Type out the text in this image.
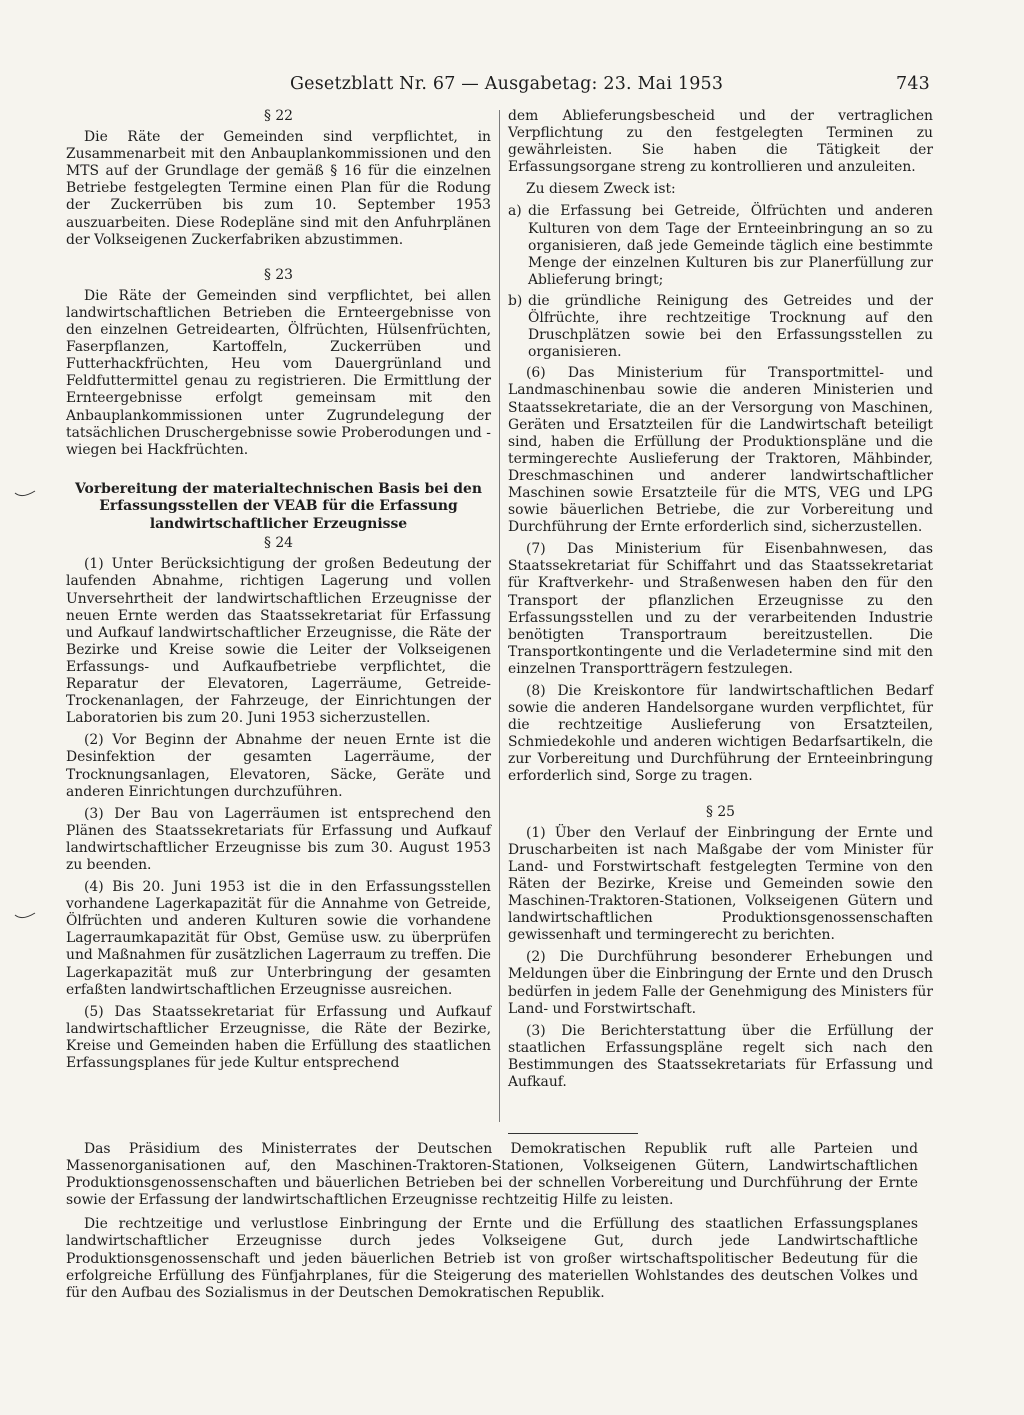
Gesetzblatt Nr. 67 — Ausgabetag: 23. Mai 1953	743
§ 22

Die Räte der Gemeinden sind verpflichtet, in Zusammenarbeit mit den Anbauplankommissionen und den MTS auf der Grundlage der gemäß § 16 für die einzelnen Betriebe festgelegten Termine einen Plan für die Rodung der Zuckerrüben bis zum 10. September 1953 auszuarbeiten. Diese Rodepläne sind mit den Anfuhrplänen der Volkseigenen Zuckerfabriken abzustimmen.

§ 23

Die Räte der Gemeinden sind verpflichtet, bei allen landwirtschaftlichen Betrieben die Ernteergebnisse von den einzelnen Getreidearten, Ölfrüchten, Hülsenfrüchten, Faserpflanzen, Kartoffeln, Zuckerrüben und Futterhackfrüchten, Heu vom Dauergrünland und Feldfuttermittel genau zu registrieren. Die Ermittlung der Ernteergebnisse erfolgt gemeinsam mit den Anbauplankommissionen unter Zugrundelegung der tatsächlichen Druschergebnisse sowie Proberodungen und -wiegen bei Hackfrüchten.

Vorbereitung der materialtechnischen Basis bei den Erfassungsstellen der VEAB für die Erfassung landwirtschaftlicher Erzeugnisse
§ 24

(1) Unter Berücksichtigung der großen Bedeutung der laufenden Abnahme, richtigen Lagerung und vollen Unversehrtheit der landwirtschaftlichen Erzeugnisse der neuen Ernte werden das Staatssekretariat für Erfassung und Aufkauf landwirtschaftlicher Erzeugnisse, die Räte der Bezirke und Kreise sowie die Leiter der Volkseigenen Erfassungs- und Aufkaufbetriebe verpflichtet, die Reparatur der Elevatoren, Lagerräume, Getreide-Trockenanlagen, der Fahrzeuge, der Einrichtungen der Laboratorien bis zum 20. Juni 1953 sicherzustellen.

(2) Vor Beginn der Abnahme der neuen Ernte ist die Desinfektion der gesamten Lagerräume, der Trocknungsanlagen, Elevatoren, Säcke, Geräte und anderen Einrichtungen durchzuführen.

(3) Der Bau von Lagerräumen ist entsprechend den Plänen des Staatssekretariats für Erfassung und Aufkauf landwirtschaftlicher Erzeugnisse bis zum 30. August 1953 zu beenden.

(4) Bis 20. Juni 1953 ist die in den Erfassungsstellen vorhandene Lagerkapazität für die Annahme von Getreide, Ölfrüchten und anderen Kulturen sowie die vorhandene Lagerraumkapazität für Obst, Gemüse usw. zu überprüfen und Maßnahmen für zusätzlichen Lagerraum zu treffen. Die Lagerkapazität muß zur Unterbringung der gesamten erfaßten landwirtschaftlichen Erzeugnisse ausreichen.

(5) Das Staatssekretariat für Erfassung und Aufkauf landwirtschaftlicher Erzeugnisse, die Räte der Bezirke, Kreise und Gemeinden haben die Erfüllung des staatlichen Erfassungsplanes für jede Kultur entsprechend

dem Ablieferungsbescheid und der vertraglichen Verpflichtung zu den festgelegten Terminen zu gewährleisten. Sie haben die Tätigkeit der Erfassungsorgane streng zu kontrollieren und anzuleiten.

Zu diesem Zweck ist:

a) die Erfassung bei Getreide, Ölfrüchten und anderen Kulturen von dem Tage der Ernteeinbringung an so zu organisieren, daß jede Gemeinde täglich eine bestimmte Menge der einzelnen Kulturen bis zur Planerfüllung zur Ablieferung bringt;
b) die gründliche Reinigung des Getreides und der Ölfrüchte, ihre rechtzeitige Trocknung auf den Druschplätzen sowie bei den Erfassungsstellen zu organisieren.

(6) Das Ministerium für Transportmittel- und Landmaschinenbau sowie die anderen Ministerien und Staatssekretariate, die an der Versorgung von Maschinen, Geräten und Ersatzteilen für die Landwirtschaft beteiligt sind, haben die Erfüllung der Produktionspläne und die termingerechte Auslieferung der Traktoren, Mähbinder, Dreschmaschinen und anderer landwirtschaftlicher Maschinen sowie Ersatzteile für die MTS, VEG und LPG sowie bäuerlichen Betriebe, die zur Vorbereitung und Durchführung der Ernte erforderlich sind, sicherzustellen.

(7) Das Ministerium für Eisenbahnwesen, das Staatssekretariat für Schiffahrt und das Staatssekretariat für Kraftverkehr- und Straßenwesen haben den für den Transport der pflanzlichen Erzeugnisse zu den Erfassungsstellen und zu der verarbeitenden Industrie benötigten Transportraum bereitzustellen. Die Transportkontingente und die Verladetermine sind mit den einzelnen Transportträgern festzulegen.

(8) Die Kreiskontore für landwirtschaftlichen Bedarf sowie die anderen Handelsorgane wurden verpflichtet, für die rechtzeitige Auslieferung von Ersatzteilen, Schmiedekohle und anderen wichtigen Bedarfsartikeln, die zur Vorbereitung und Durchführung der Ernteeinbringung erforderlich sind, Sorge zu tragen.

§ 25

(1) Über den Verlauf der Einbringung der Ernte und Druscharbeiten ist nach Maßgabe der vom Minister für Land- und Forstwirtschaft festgelegten Termine von den Räten der Bezirke, Kreise und Gemeinden sowie den Maschinen-Traktoren-Stationen, Volkseigenen Gütern und landwirtschaftlichen Produktionsgenossenschaften gewissenhaft und termingerecht zu berichten.

(2) Die Durchführung besonderer Erhebungen und Meldungen über die Einbringung der Ernte und den Drusch bedürfen in jedem Falle der Genehmigung des Ministers für Land- und Forstwirtschaft.

(3) Die Berichterstattung über die Erfüllung der staatlichen Erfassungspläne regelt sich nach den Bestimmungen des Staatssekretariats für Erfassung und Aufkauf.

Das Präsidium des Ministerrates der Deutschen Demokratischen Republik ruft alle Parteien und Massenorganisationen auf, den Maschinen-Traktoren-Stationen, Volkseigenen Gütern, Landwirtschaftlichen Produktionsgenossenschaften und bäuerlichen Betrieben bei der schnellen Vorbereitung und Durchführung der Ernte sowie der Erfassung der landwirtschaftlichen Erzeugnisse rechtzeitig Hilfe zu leisten.

Die rechtzeitige und verlustlose Einbringung der Ernte und die Erfüllung des staatlichen Erfassungsplanes landwirtschaftlicher Erzeugnisse durch jedes Volkseigene Gut, durch jede Landwirtschaftliche Produktionsgenossenschaft und jeden bäuerlichen Betrieb ist von großer wirtschaftspolitischer Bedeutung für die erfolgreiche Erfüllung des Fünfjahrplanes, für die Steigerung des materiellen Wohlstandes des deutschen Volkes und für den Aufbau des Sozialismus in der Deutschen Demokratischen Republik.
